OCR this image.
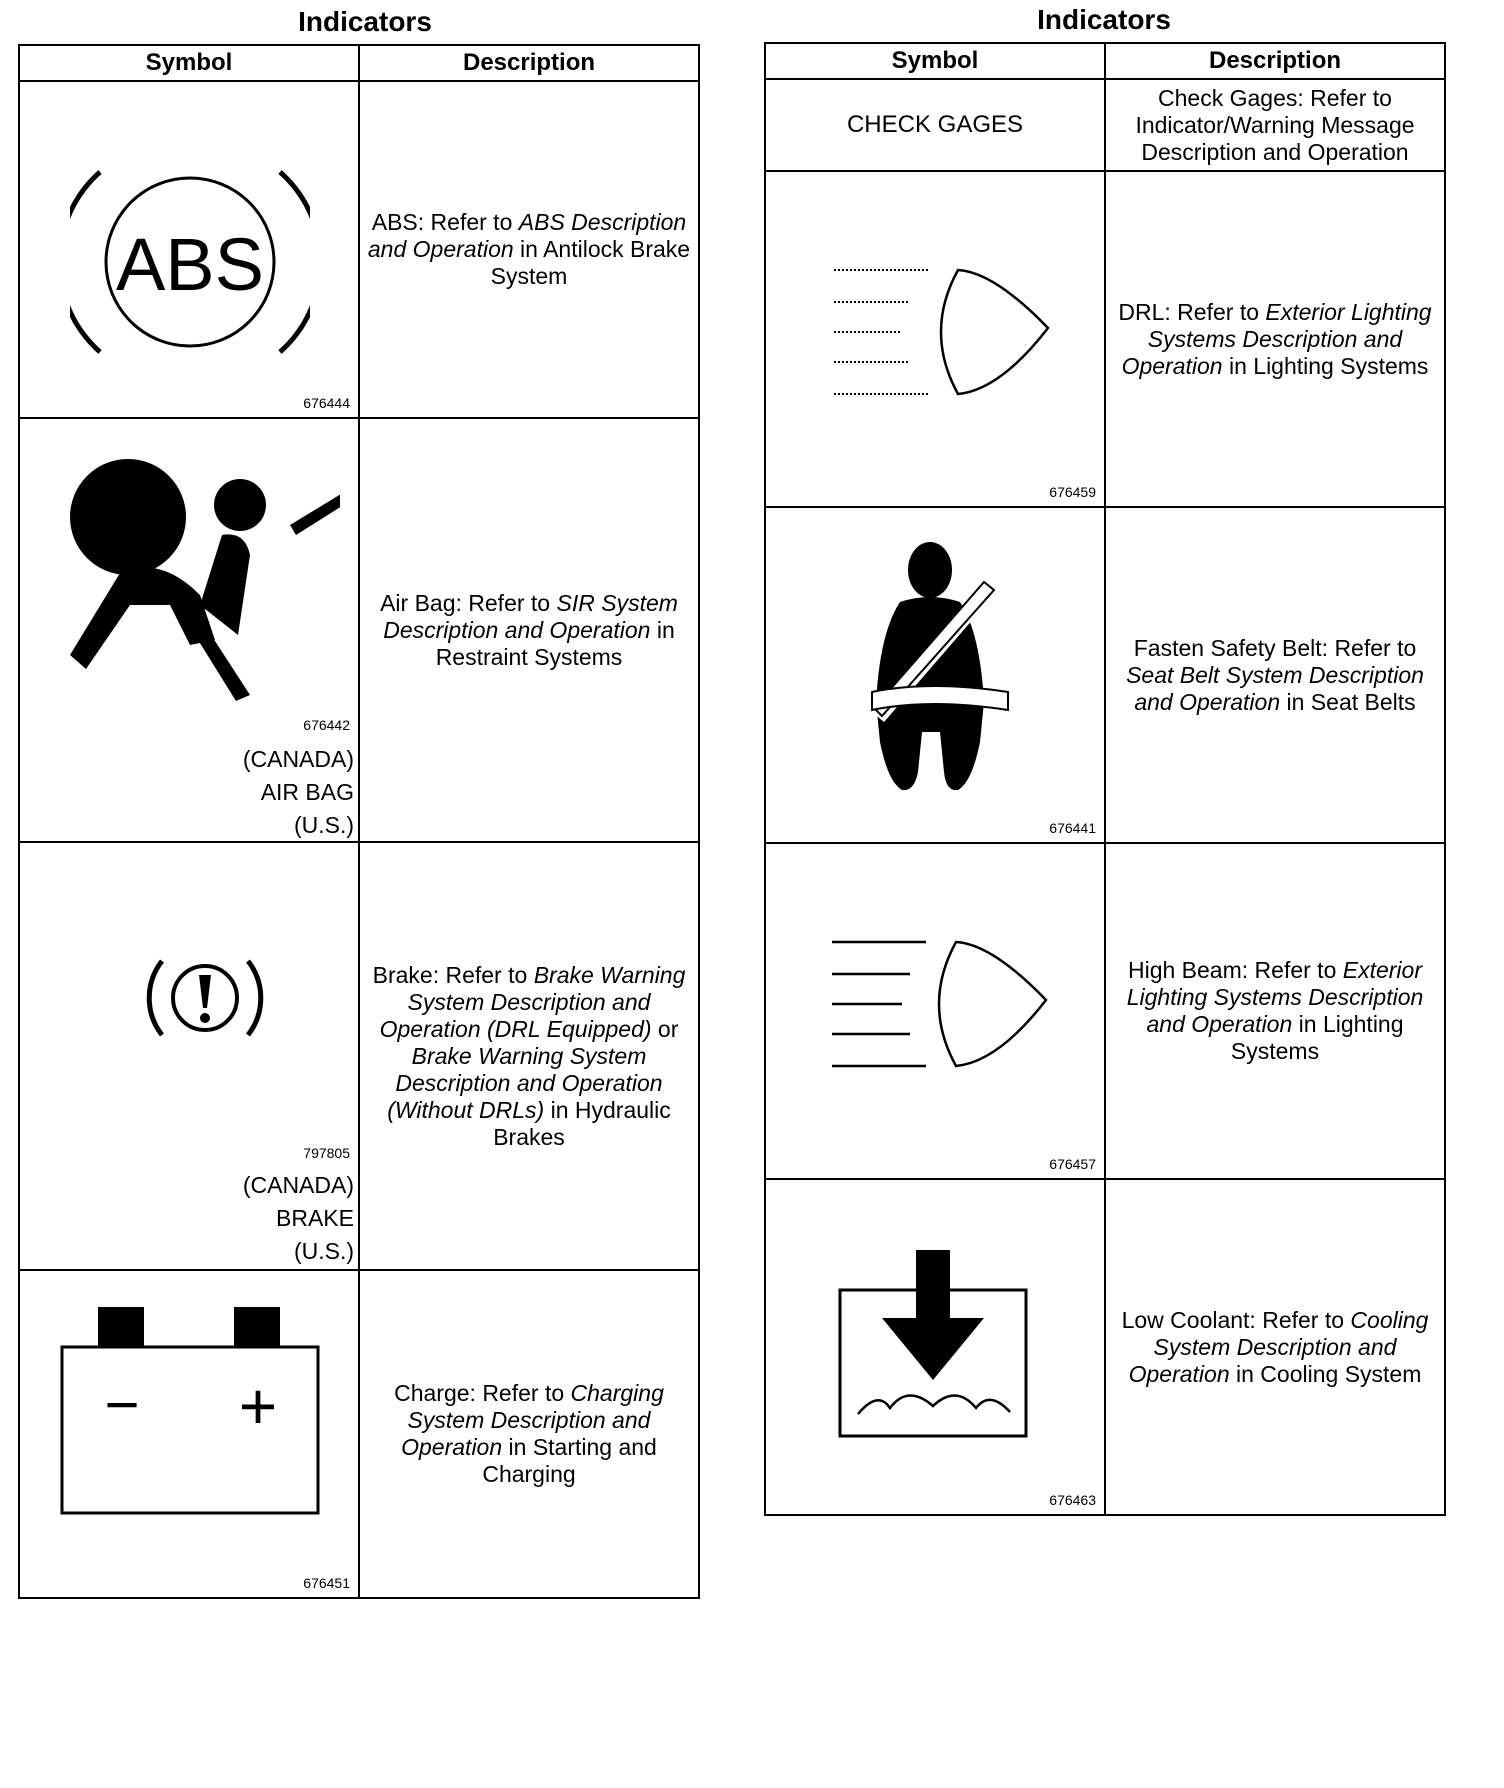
Indicators
Symbol	Description

ABS
676444	ABS: Refer to ABS Description and Operation in Antilock Brake System

676442
(CANADA)
AIR BAG
(U.S.)	Air Bag: Refer to SIR System Description and Operation in Restraint Systems

797805
(CANADA)
BRAKE
(U.S.)	Brake: Refer to Brake Warning System Description and Operation (DRL Equipped) or Brake Warning System Description and Operation (Without DRLs) in Hydraulic Brakes

− +
676451	Charge: Refer to Charging System Description and Operation in Starting and Charging
Indicators
Symbol	Description
CHECK GAGES	Check Gages: Refer to Indicator/Warning Message Description and Operation

676459	DRL: Refer to Exterior Lighting Systems Description and Operation in Lighting Systems

676441	Fasten Safety Belt: Refer to Seat Belt System Description and Operation in Seat Belts

676457	High Beam: Refer to Exterior Lighting Systems Description and Operation in Lighting Systems

676463	Low Coolant: Refer to Cooling System Description and Operation in Cooling System
